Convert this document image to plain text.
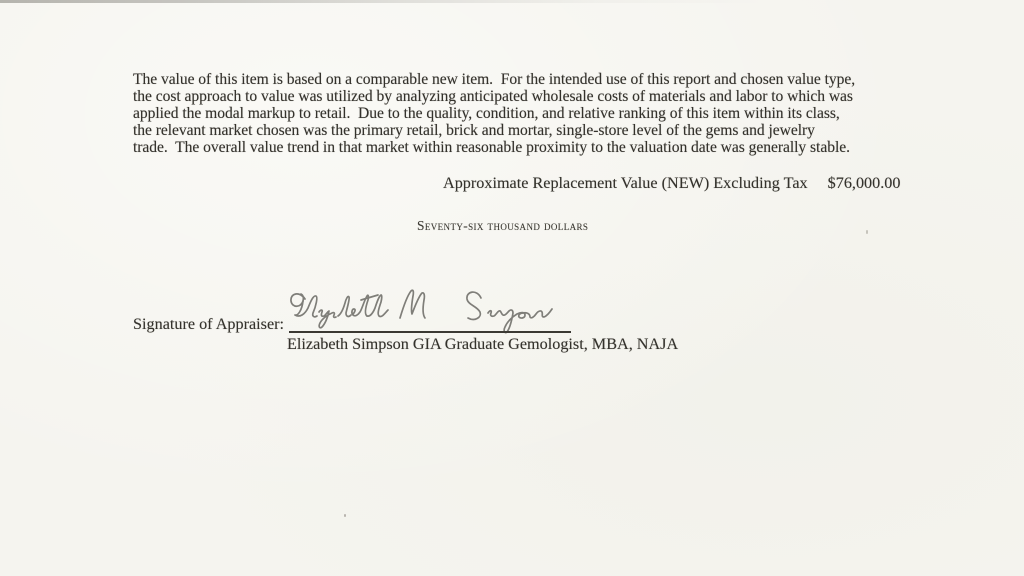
The value of this item is based on a comparable new item.  For the intended use of this report and chosen value type,
the cost approach to value was utilized by analyzing anticipated wholesale costs of materials and labor to which was
applied the modal markup to retail.  Due to the quality, condition, and relative ranking of this item within its class,
the relevant market chosen was the primary retail, brick and mortar, single-store level of the gems and jewelry
trade.  The overall value trend in that market within reasonable proximity to the valuation date was generally stable.
Approximate Replacement Value (NEW) Excluding Tax $76,000.00
Seventy-six thousand dollars
Signature of Appraiser:
Elizabeth Simpson GIA Graduate Gemologist, MBA, NAJA
